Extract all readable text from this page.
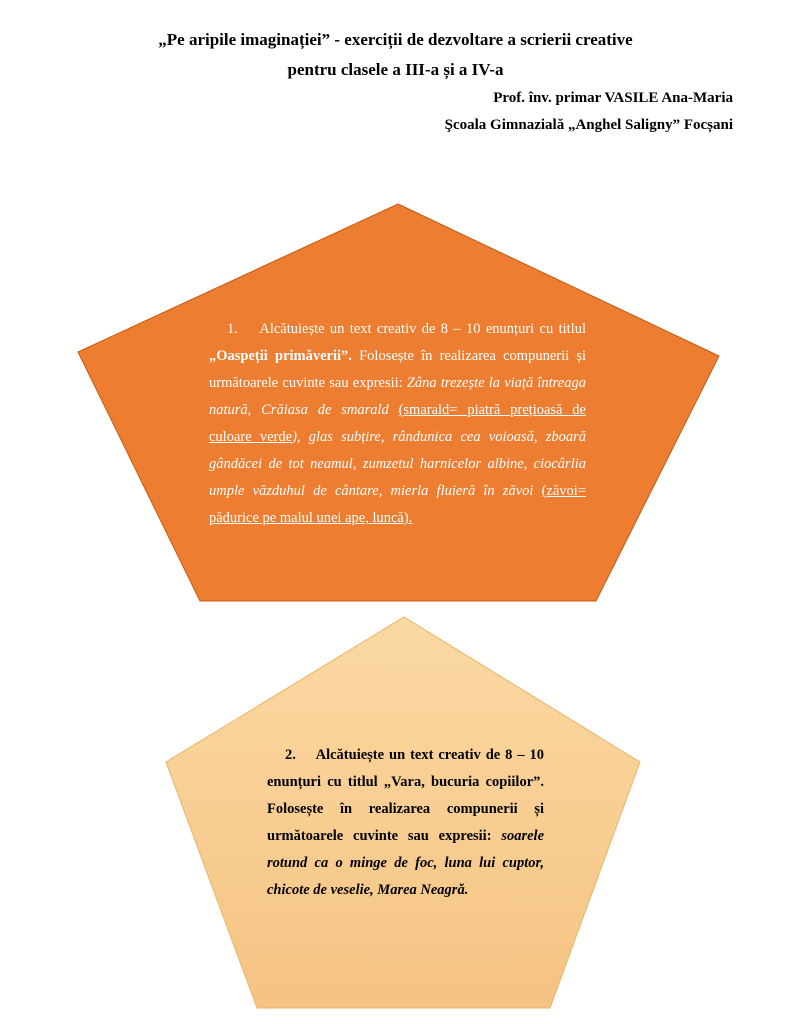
„Pe aripile imaginației” - exerciții de dezvoltare a scrierii creative
pentru clasele a III-a și a IV-a

Prof. înv. primar VASILE Ana-Maria

Şcoala Gimnazială „Anghel Saligny” Focșani

1. Alcătuiește un text creativ de 8 – 10 enunțuri cu titlul „Oaspeții primăverii”. Folosește în realizarea compunerii și următoarele cuvinte sau expresii: Zâna trezește la viață întreaga natură, Crăiasa de smarald (smarald= piatră prețioasă de culoare verde), glas subțire, rândunica cea voioasă, zboară gândăcei de tot neamul, zumzetul harnicelor albine, ciocârlia umple văzduhul de cântare, mierla fluieră în zăvoi (zăvoi= pădurice pe malul unei ape, luncă).

2. Alcătuiește un text creativ de 8 – 10 enunțuri cu titlul „Vara, bucuria copiilor”. Folosește în realizarea compunerii și următoarele cuvinte sau expresii: soarele rotund ca o minge de foc, luna lui cuptor, chicote de veselie, Marea Neagră.
